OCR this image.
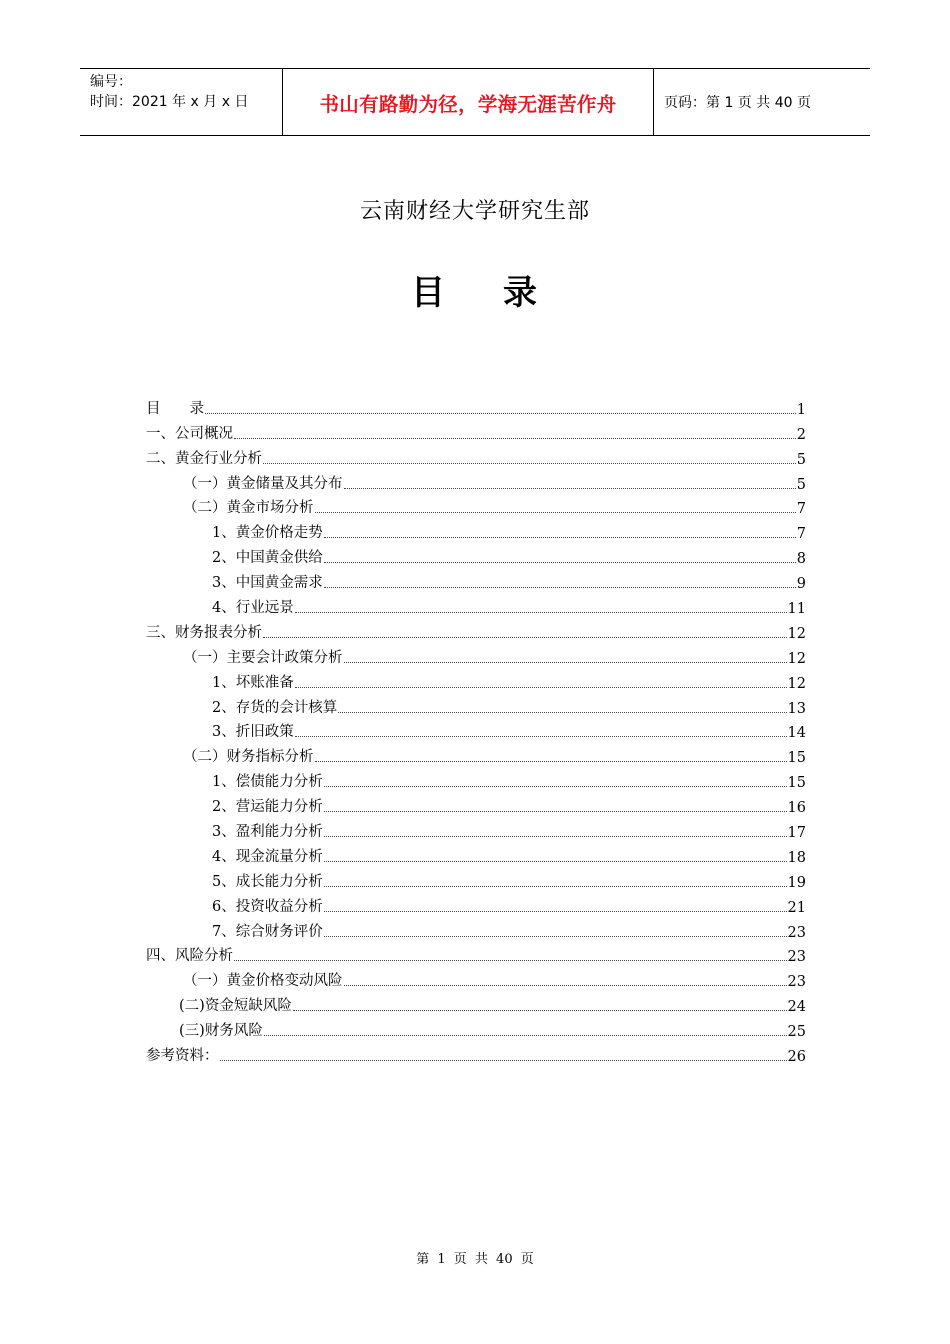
编号：
时间：2021 年 x 月 x 日	书山有路勤为径，学海无涯苦作舟	页码：第 1 页 共 40 页
云南财经大学研究生部
目 录
目　　录	1
一、公司概况	2
二、黄金行业分析	5
（一）黄金储量及其分布	5
（二）黄金市场分析	7
1、黄金价格走势	7
2、中国黄金供给	8
3、中国黄金需求	9
4、行业远景	11
三、财务报表分析	12
（一）主要会计政策分析	12
1、坏账准备	12
2、存货的会计核算	13
3、折旧政策	14
（二）财务指标分析	15
1、偿债能力分析	15
2、营运能力分析	16
3、盈利能力分析	17
4、现金流量分析	18
5、成长能力分析	19
6、投资收益分析	21
7、综合财务评价	23
四、风险分析	23
（一）黄金价格变动风险	23
(二)资金短缺风险	24
(三)财务风险	25
参考资料：	26
第 1 页 共 40 页
